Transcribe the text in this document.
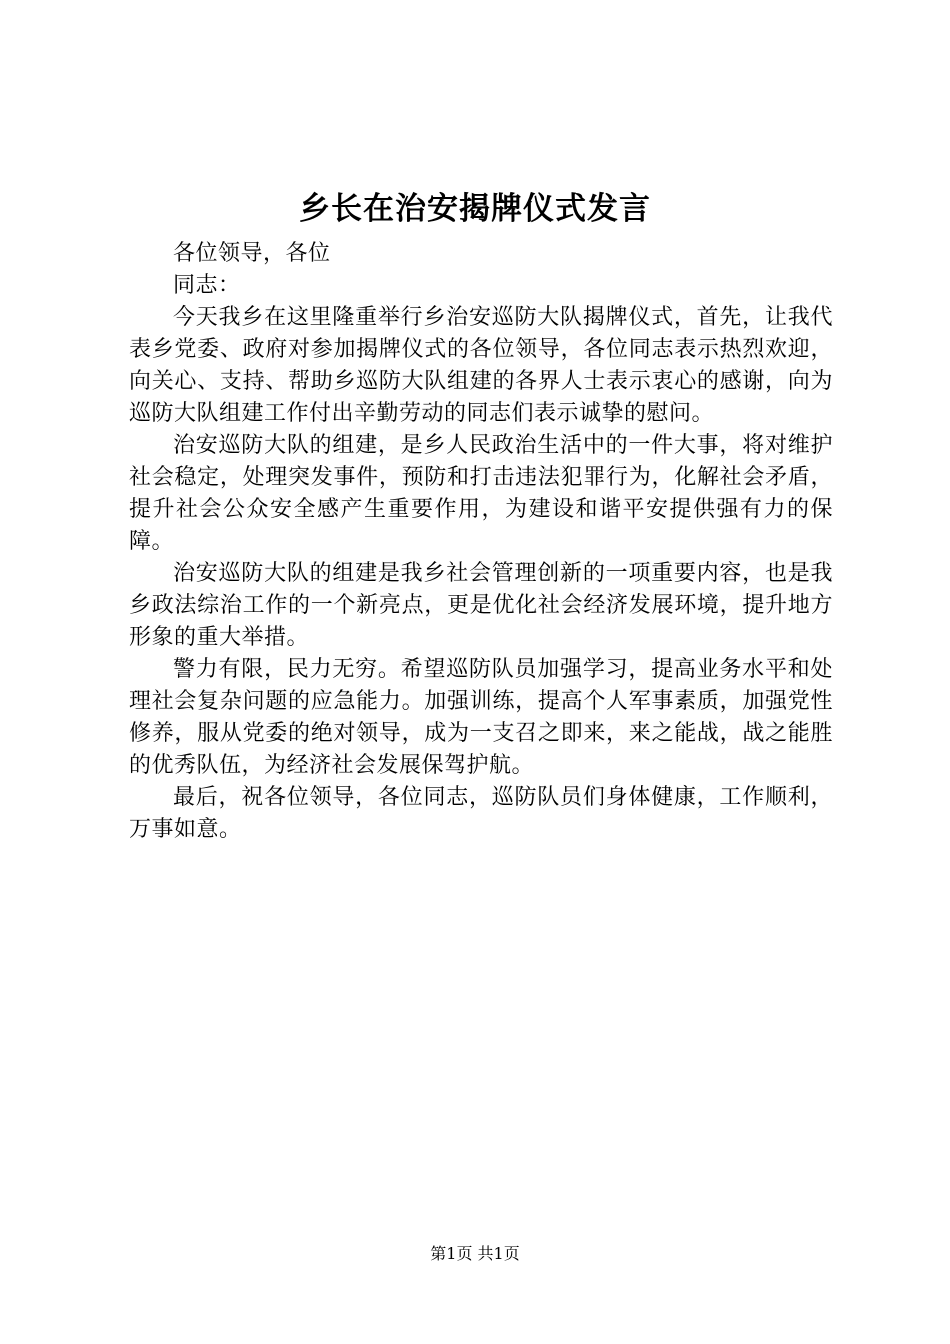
乡长在治安揭牌仪式发言

各位领导，各位

同志：

今天我乡在这里隆重举行乡治安巡防大队揭牌仪式，首先，让我代表乡党委、政府对参加揭牌仪式的各位领导，各位同志表示热烈欢迎，向关心、支持、帮助乡巡防大队组建的各界人士表示衷心的感谢，向为巡防大队组建工作付出辛勤劳动的同志们表示诚挚的慰问。

治安巡防大队的组建，是乡人民政治生活中的一件大事，将对维护社会稳定，处理突发事件，预防和打击违法犯罪行为，化解社会矛盾，提升社会公众安全感产生重要作用，为建设和谐平安提供强有力的保障。

治安巡防大队的组建是我乡社会管理创新的一项重要内容，也是我乡政法综治工作的一个新亮点，更是优化社会经济发展环境，提升地方形象的重大举措。

警力有限，民力无穷。希望巡防队员加强学习，提高业务水平和处理社会复杂问题的应急能力。加强训练，提高个人军事素质，加强党性修养，服从党委的绝对领导，成为一支召之即来，来之能战，战之能胜的优秀队伍，为经济社会发展保驾护航。

最后，祝各位领导，各位同志，巡防队员们身体健康，工作顺利，万事如意。

第1页 共1页
